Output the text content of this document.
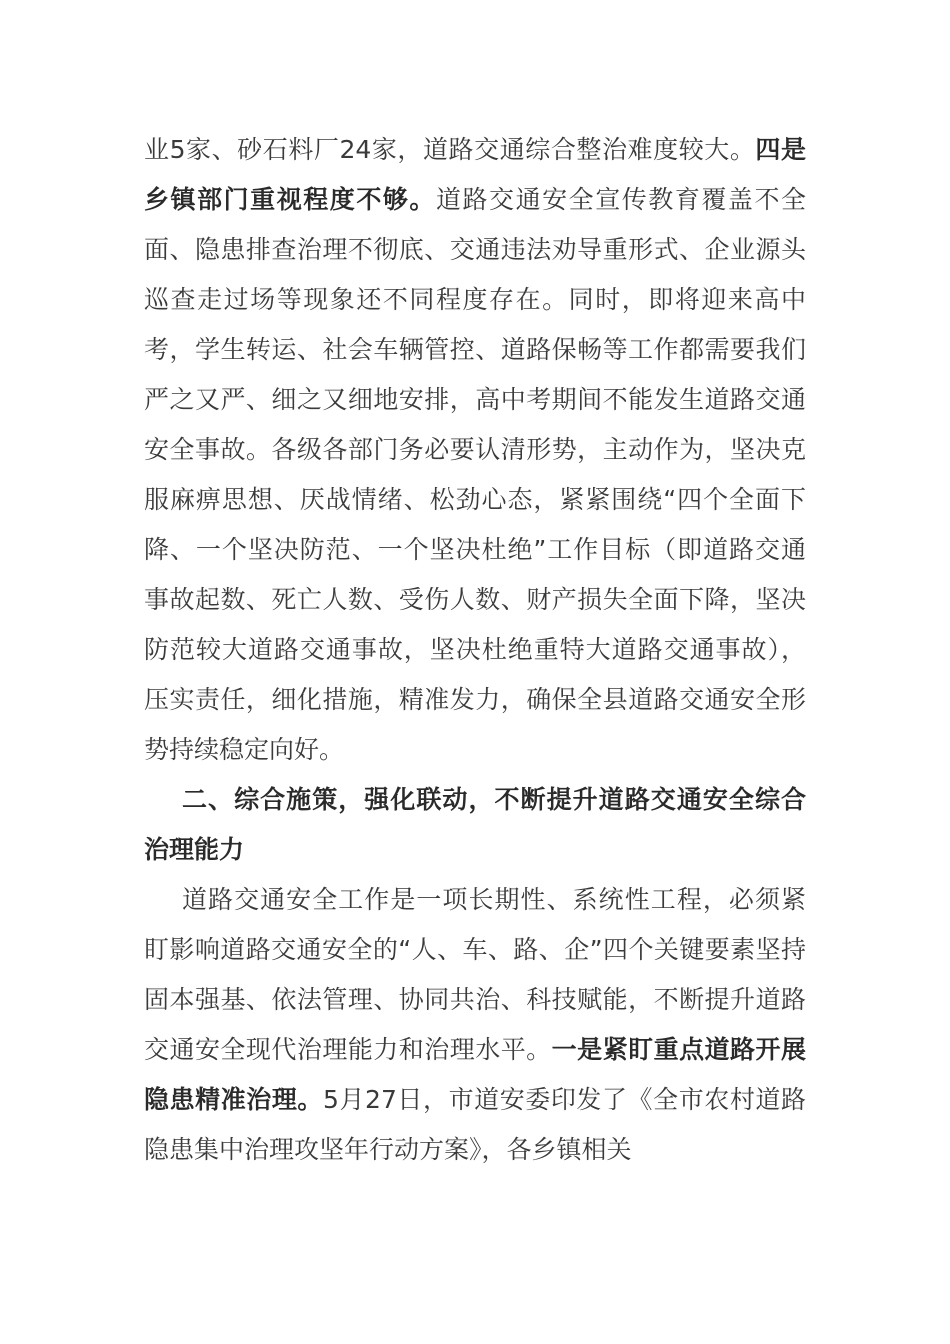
业5家、砂石料厂24家，道路交通综合整治难度较大。四是乡镇部门重视程度不够。道路交通安全宣传教育覆盖不全面、隐患排查治理不彻底、交通违法劝导重形式、企业源头巡查走过场等现象还不同程度存在。同时，即将迎来高中考，学生转运、社会车辆管控、道路保畅等工作都需要我们严之又严、细之又细地安排，高中考期间不能发生道路交通安全事故。各级各部门务必要认清形势，主动作为，坚决克服麻痹思想、厌战情绪、松劲心态，紧紧围绕“四个全面下降、一个坚决防范、一个坚决杜绝”工作目标（即道路交通事故起数、死亡人数、受伤人数、财产损失全面下降，坚决防范较大道路交通事故，坚决杜绝重特大道路交通事故），压实责任，细化措施，精准发力，确保全县道路交通安全形势持续稳定向好。

二、综合施策，强化联动，不断提升道路交通安全综合治理能力

道路交通安全工作是一项长期性、系统性工程，必须紧盯影响道路交通安全的“人、车、路、企”四个关键要素坚持固本强基、依法管理、协同共治、科技赋能，不断提升道路交通安全现代治理能力和治理水平。一是紧盯重点道路开展隐患精准治理。5月27日，市道安委印发了《全市农村道路隐患集中治理攻坚年行动方案》，各乡镇相关
